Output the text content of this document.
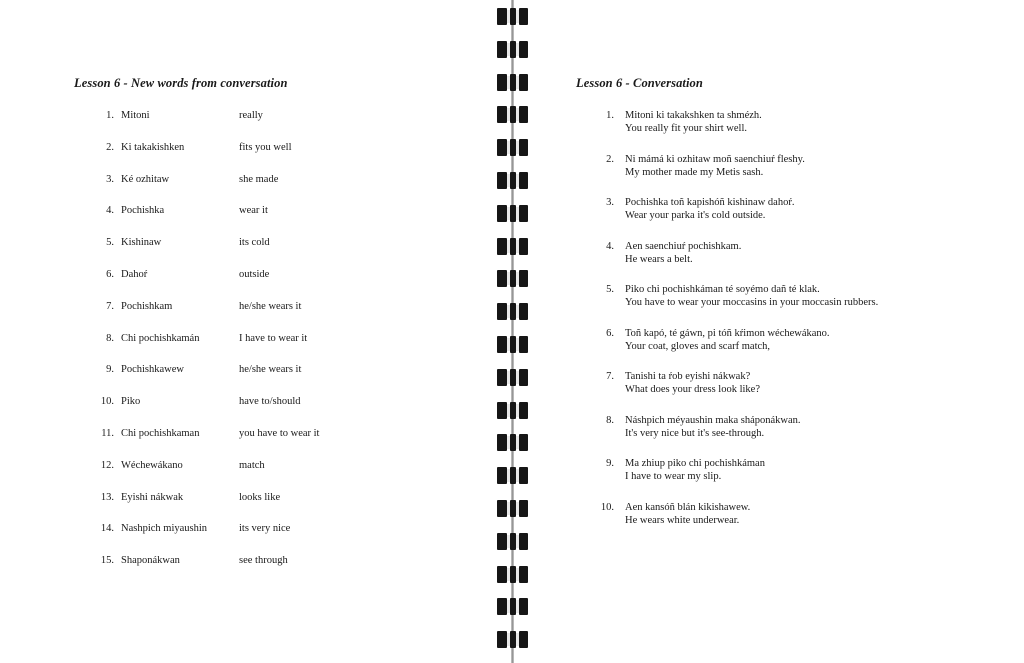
Lesson 6 - New words from conversation
1. Mitoni	really
2. Ki takakishken	fits you well
3. Ké ozhitaw	she made
4. Pochishka	wear it
5. Kishinaw	its cold
6. Dahoŕ	outside
7. Pochishkam	he/she wears it
8. Chi pochishkamán	I have to wear it
9. Pochishkawew	he/she wears it
10. Piko	have to/should
11. Chi pochishkaman	you have to wear it
12. Wéchewákano	match
13. Eyishi nákwak	looks like
14. Nashpich miyaushin	its very nice
15. Shaponákwan	see through
Lesson 6 - Conversation
1. Mitoni ki takakshken ta shmézh.
You really fit your shirt well.
2. Ni mámá ki ozhitaw moñ saenchiuŕ fleshy.
My mother made my Metis sash.
3. Pochishka toñ kapishóñ kishinaw dahoŕ.
Wear your parka it's cold outside.
4. Aen saenchiuŕ pochishkam.
He wears a belt.
5. Piko chi pochishkáman té soyémo dañ té klak.
You have to wear your moccasins in your moccasin rubbers.
6. Toñ kapó, té gáwn, pi tóñ kŕimon wéchewákano.
Your coat, gloves and scarf match,
7. Tanishi ta ŕob eyishi nákwak?
What does your dress look like?
8. Náshpich méyaushin maka sháponákwan.
It's very nice but it's see-through.
9. Ma zhiup piko chi pochishkáman
I have to wear my slip.
10. Aen kansóñ blán kikishawew.
He wears white underwear.
